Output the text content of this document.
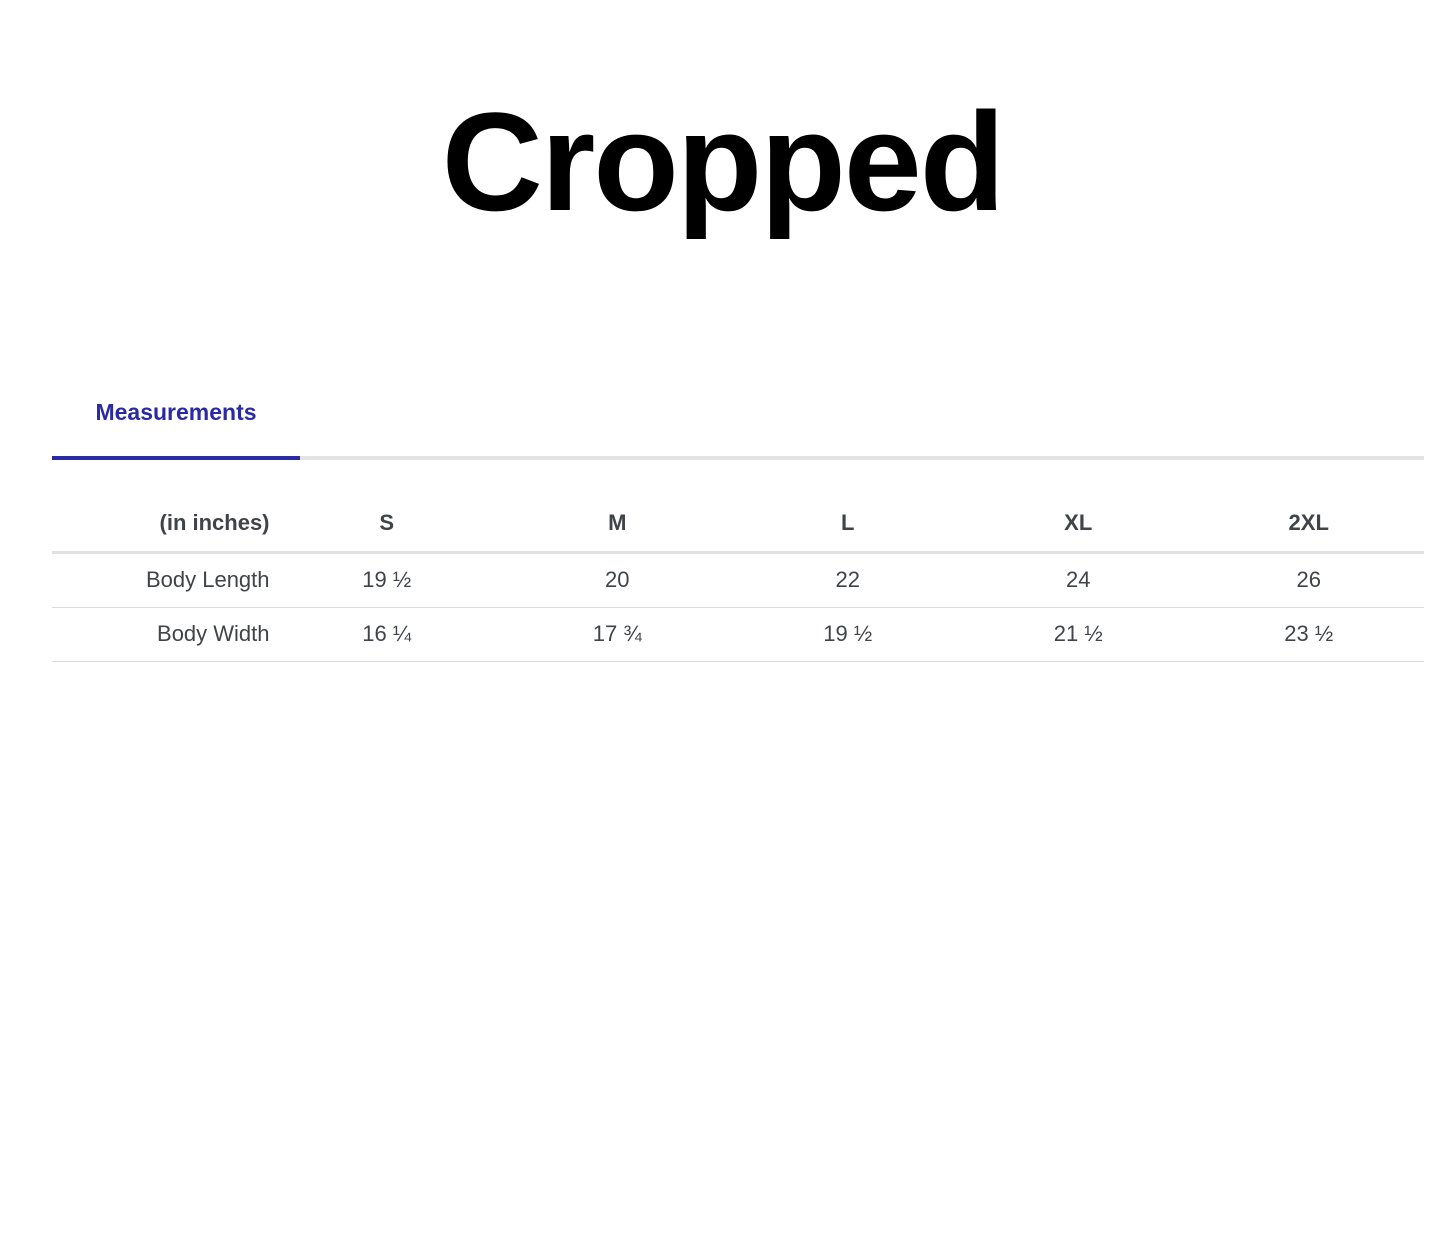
Cropped
Measurements
(in inches)	S	M	L	XL	2XL
Body Length	19 ½	20	22	24	26
Body Width	16 ¼	17 ¾	19 ½	21 ½	23 ½
